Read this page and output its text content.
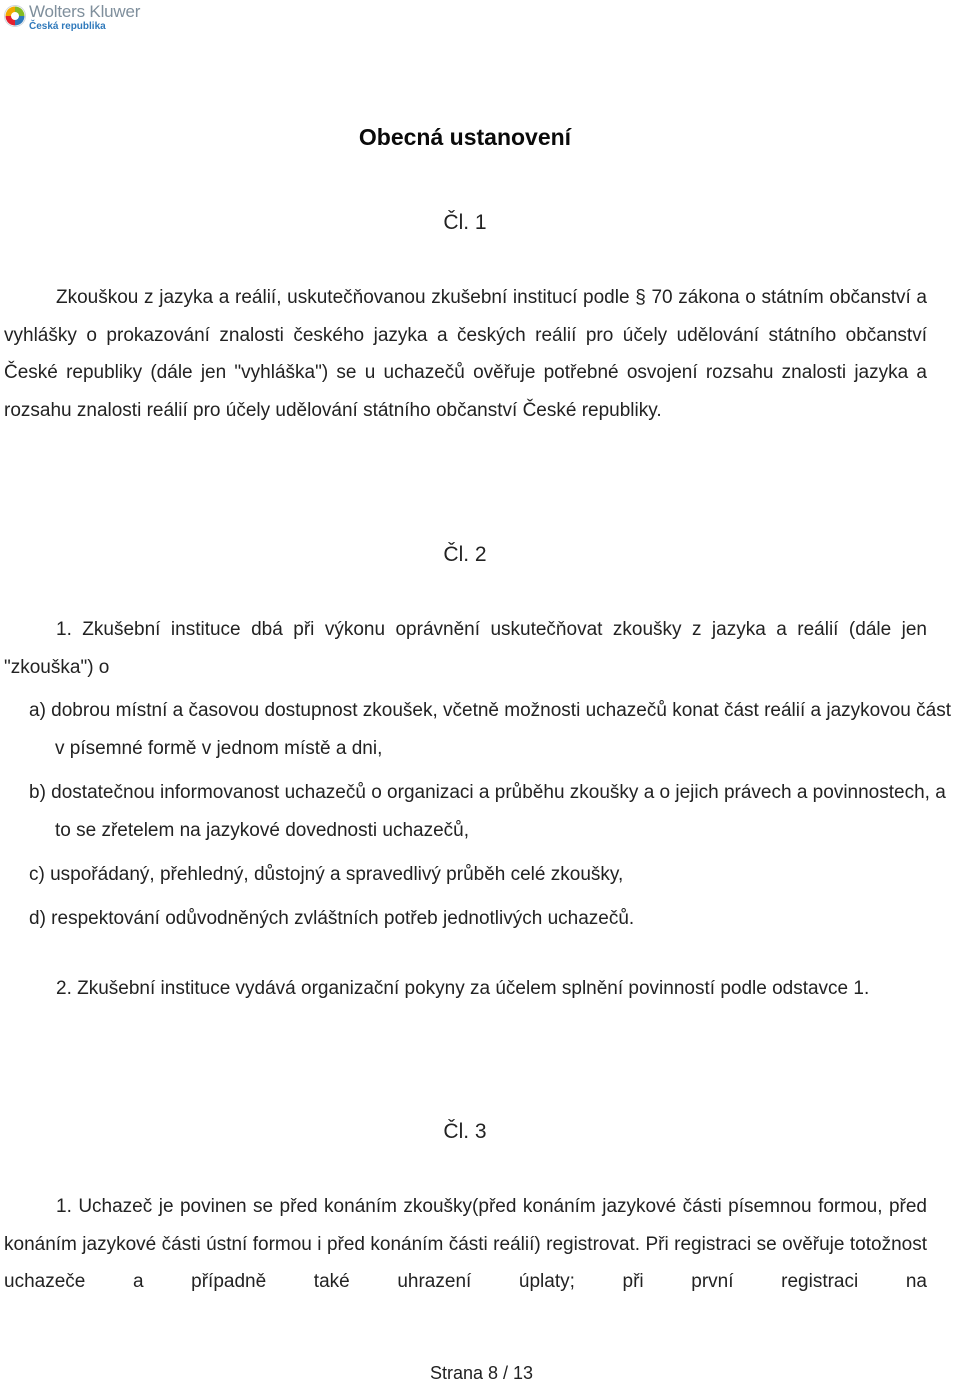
Wolters Kluwer
Česká republika
Obecná ustanovení
Čl. 1
Zkouškou z jazyka a reálií, uskutečňovanou zkušební institucí podle § 70 zákona o státním občanství a vyhlášky o prokazování znalosti českého jazyka a českých reálií pro účely udělování státního občanství České republiky (dále jen "vyhláška") se u uchazečů ověřuje potřebné osvojení rozsahu znalosti jazyka a rozsahu znalosti reálií pro účely udělování státního občanství České republiky.
Čl. 2
1. Zkušební instituce dbá při výkonu oprávnění uskutečňovat zkoušky z jazyka a reálií (dále jen "zkouška") o
a) dobrou místní a časovou dostupnost zkoušek, včetně možnosti uchazečů konat část reálií a jazykovou část v písemné formě v jednom místě a dni,
b) dostatečnou informovanost uchazečů o organizaci a průběhu zkoušky a o jejich právech a povinnostech, a to se zřetelem na jazykové dovednosti uchazečů,
c) uspořádaný, přehledný, důstojný a spravedlivý průběh celé zkoušky,
d) respektování odůvodněných zvláštních potřeb jednotlivých uchazečů.
2. Zkušební instituce vydává organizační pokyny za účelem splnění povinností podle odstavce 1.
Čl. 3
1. Uchazeč je povinen se před konáním zkoušky(před konáním jazykové části písemnou formou, před konáním jazykové části ústní formou i před konáním části reálií) registrovat. Při registraci se ověřuje totožnost uchazeče a případně také uhrazení úplaty; při první registraci na
Strana 8 / 13
